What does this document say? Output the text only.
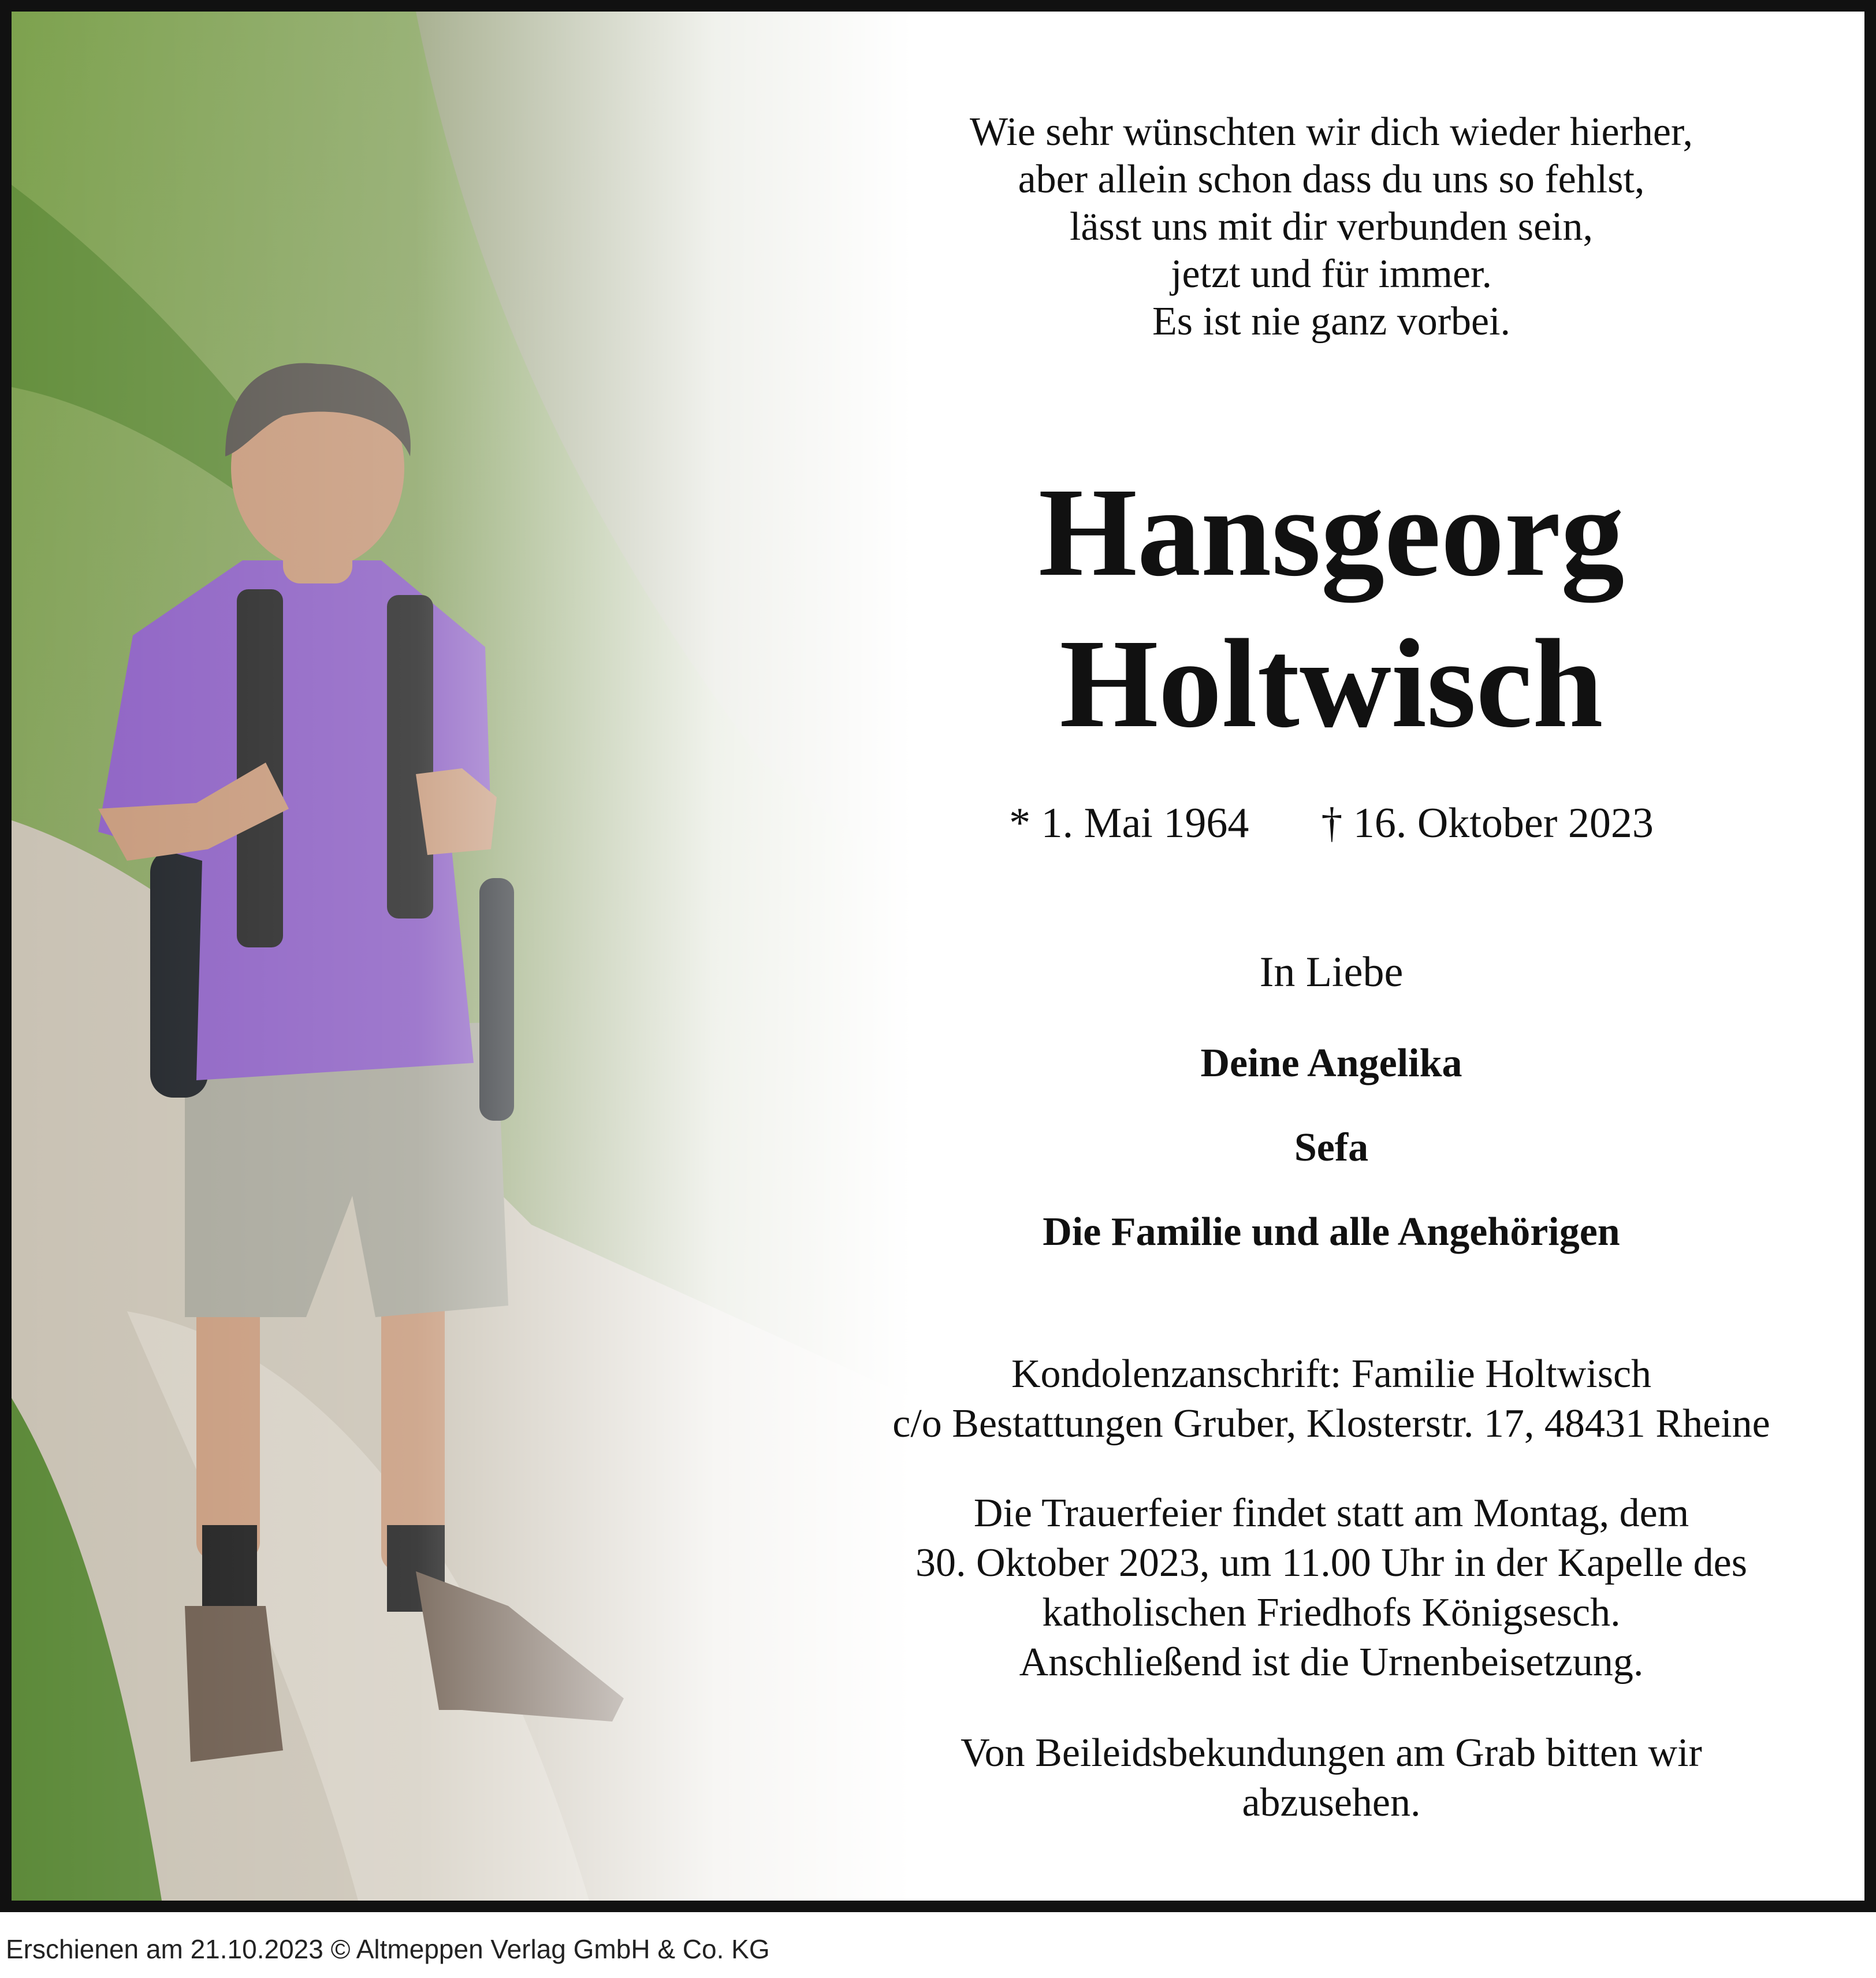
Wie sehr wünschten wir dich wieder hierher,
aber allein schon dass du uns so fehlst,
lässt uns mit dir verbunden sein,
jetzt und für immer.
Es ist nie ganz vorbei.
Hansgeorg
Holtwisch
* 1. Mai 1964 † 16. Oktober 2023
In Liebe
Deine Angelika
Sefa
Die Familie und alle Angehörigen
Kondolenzanschrift: Familie Holtwisch
c/o Bestattungen Gruber, Klosterstr. 17, 48431 Rheine
Die Trauerfeier findet statt am Montag, dem
30. Oktober 2023, um 11.00 Uhr in der Kapelle des
katholischen Friedhofs Königsesch.
Anschließend ist die Urnenbeisetzung.
Von Beileidsbekundungen am Grab bitten wir
abzusehen.
Erschienen am 21.10.2023 © Altmeppen Verlag GmbH & Co. KG
